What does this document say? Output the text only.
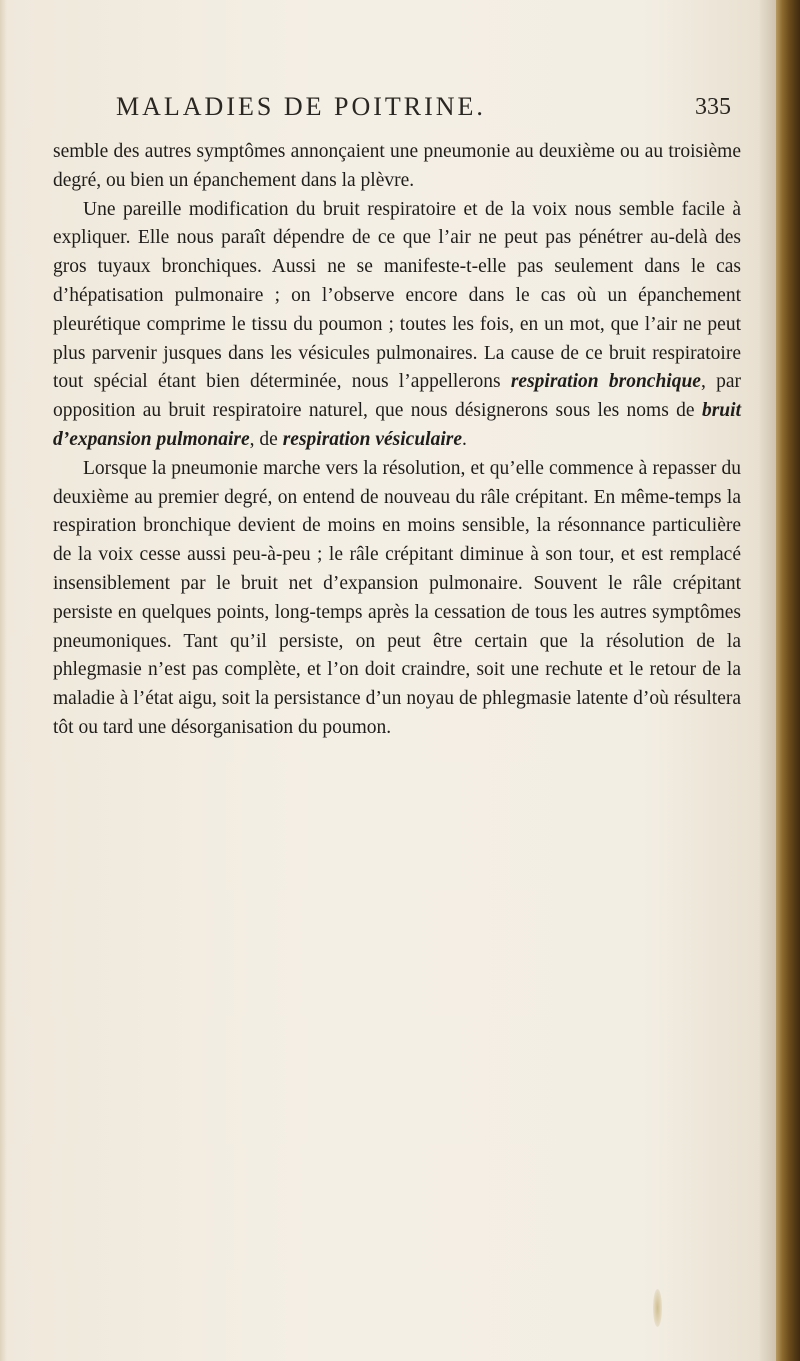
MALADIES DE POITRINE.	335

semble des autres symptômes annonçaient une pneumonie au deuxième ou au troisième degré, ou bien un épanchement dans la plèvre.

Une pareille modification du bruit respiratoire et de la voix nous semble facile à expliquer. Elle nous paraît dépendre de ce que l’air ne peut pas pénétrer au-delà des gros tuyaux bronchiques. Aussi ne se manifeste-t-elle pas seulement dans le cas d’hépatisation pulmonaire ; on l’observe encore dans le cas où un épanchement pleurétique comprime le tissu du poumon ; toutes les fois, en un mot, que l’air ne peut plus parvenir jusques dans les vésicules pulmonaires. La cause de ce bruit respiratoire tout spécial étant bien déterminée, nous l’appellerons respiration bronchique, par opposition au bruit respiratoire naturel, que nous désignerons sous les noms de bruit d’expansion pulmonaire, de respiration vésiculaire.

Lorsque la pneumonie marche vers la résolution, et qu’elle commence à repasser du deuxième au premier degré, on entend de nouveau du râle crépitant. En même-temps la respiration bronchique devient de moins en moins sensible, la résonnance particulière de la voix cesse aussi peu-à-peu ; le râle crépitant diminue à son tour, et est remplacé insensiblement par le bruit net d’expansion pulmonaire. Souvent le râle crépitant persiste en quelques points, long-temps après la cessation de tous les autres symptômes pneumoniques. Tant qu’il persiste, on peut être certain que la résolution de la phlegmasie n’est pas complète, et l’on doit craindre, soit une rechute et le retour de la maladie à l’état aigu, soit la persistance d’un noyau de phlegmasie latente d’où résultera tôt ou tard une désorganisation du poumon.
